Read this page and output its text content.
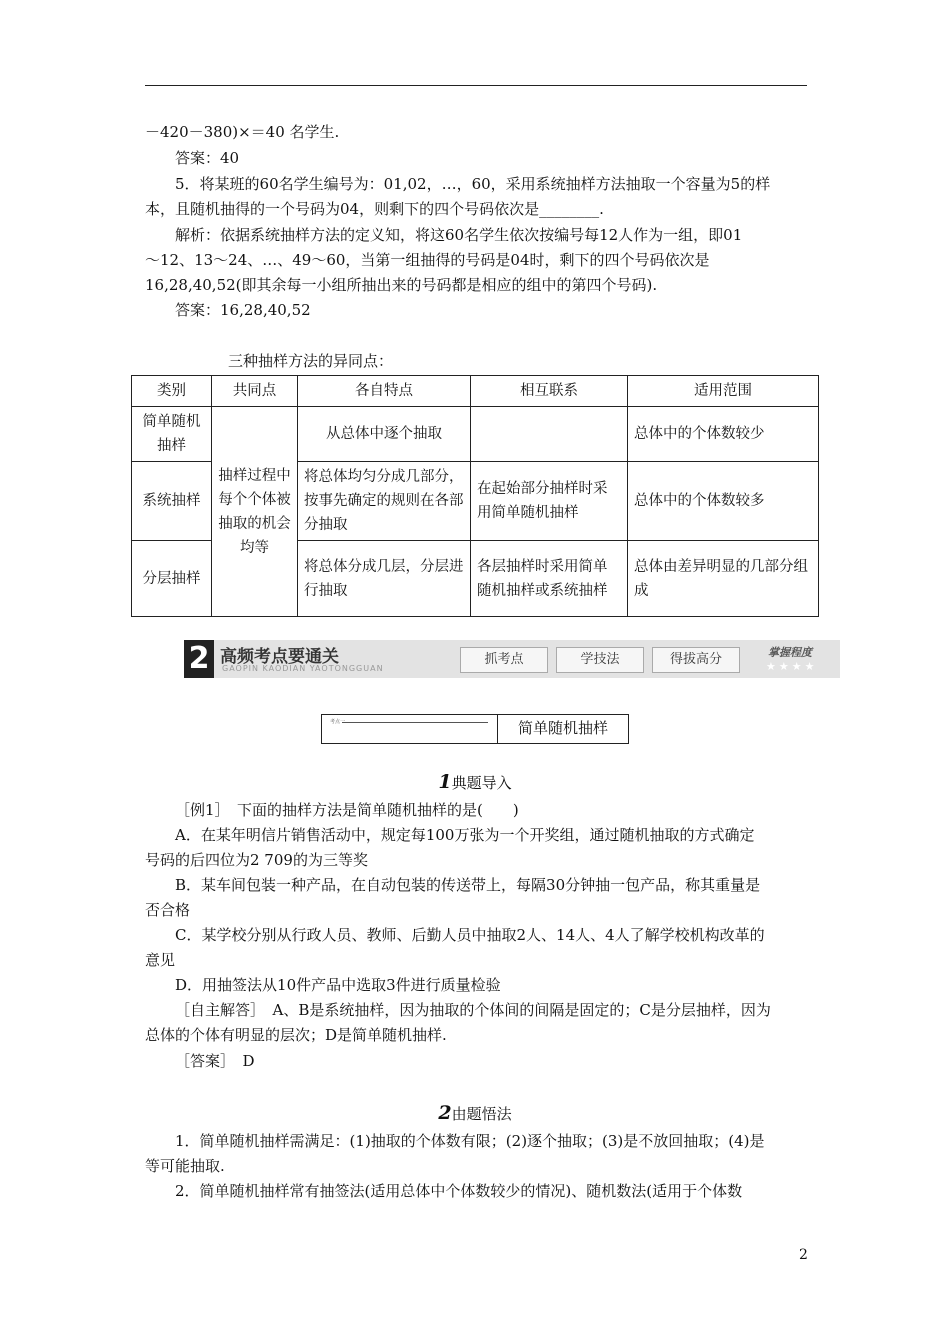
－420－380)×＝40 名学生.
答案：40
5．将某班的60名学生编号为：01,02，…，60，采用系统抽样方法抽取一个容量为5的样
本，且随机抽得的一个号码为04，则剩下的四个号码依次是________.
解析：依据系统抽样方法的定义知，将这60名学生依次按编号每12人作为一组，即01
～12、13～24、…、49～60，当第一组抽得的号码是04时，剩下的四个号码依次是
16,28,40,52(即其余每一小组所抽出来的号码都是相应的组中的第四个号码).
答案：16,28,40,52
三种抽样方法的异同点：
类别	共同点	各自特点	相互联系	适用范围
简单随机抽样	抽样过程中每个个体被抽取的机会均等	从总体中逐个抽取		总体中的个体数较少
系统抽样		将总体均匀分成几部分，按事先确定的规则在各部分抽取	在起始部分抽样时采用简单随机抽样	总体中的个体数较多
分层抽样		将总体分成几层，分层进行抽取	各层抽样时采用简单随机抽样或系统抽样	总体由差异明显的几部分组成
2 高频考点要通关
GAOPIN KAODIAN YAOTONGGUAN
抓考点	学技法	得拔高分	掌握程度
★★★★
考点一	简单随机抽样
1典题导入
［例1］　下面的抽样方法是简单随机抽样的是(　　)
A．在某年明信片销售活动中，规定每100万张为一个开奖组，通过随机抽取的方式确定
号码的后四位为2 709的为三等奖
B．某车间包装一种产品，在自动包装的传送带上，每隔30分钟抽一包产品，称其重量是
否合格
C．某学校分别从行政人员、教师、后勤人员中抽取2人、14人、4人了解学校机构改革的
意见
D．用抽签法从10件产品中选取3件进行质量检验
［自主解答］　A、B是系统抽样，因为抽取的个体间的间隔是固定的；C是分层抽样，因为
总体的个体有明显的层次；D是简单随机抽样.
［答案］　D
2由题悟法
1．简单随机抽样需满足：(1)抽取的个体数有限；(2)逐个抽取；(3)是不放回抽取；(4)是
等可能抽取.
2．简单随机抽样常有抽签法(适用总体中个体数较少的情况)、随机数法(适用于个体数
2
